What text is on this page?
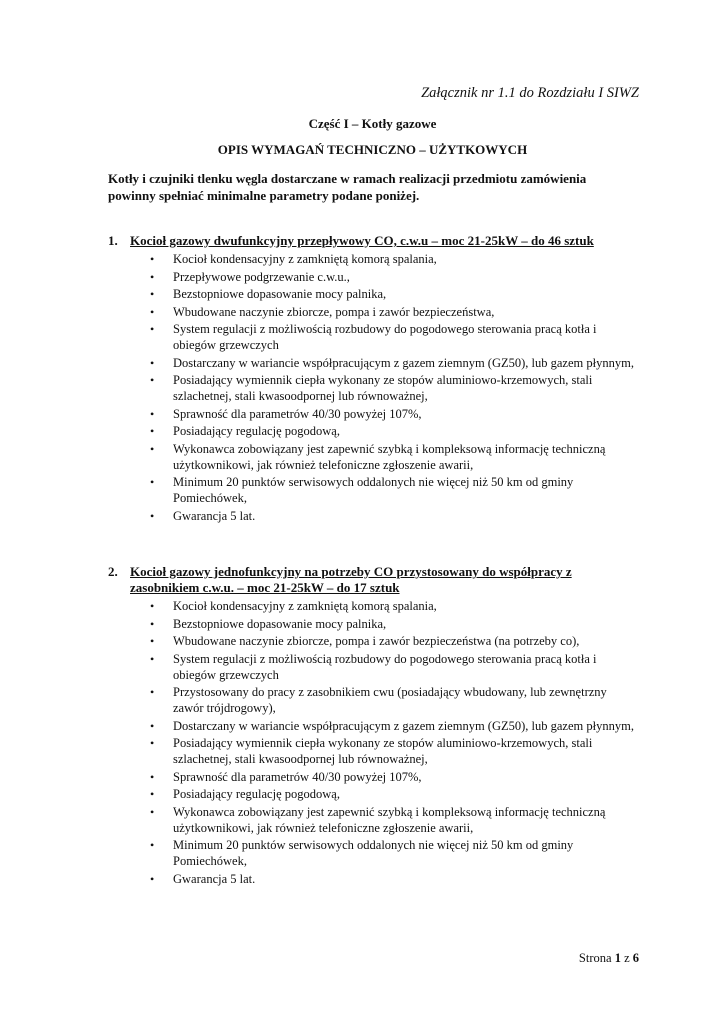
Załącznik nr 1.1 do Rozdziału I SIWZ
Część I – Kotły gazowe
OPIS WYMAGAŃ TECHNICZNO – UŻYTKOWYCH
Kotły i czujniki tlenku węgla dostarczane w ramach realizacji przedmiotu zamówienia powinny spełniać minimalne parametry podane poniżej.
1. Kocioł gazowy dwufunkcyjny przepływowy CO, c.w.u – moc 21-25kW – do 46 sztuk
• Kocioł kondensacyjny z zamkniętą komorą spalania,
• Przepływowe podgrzewanie c.w.u.,
• Bezstopniowe dopasowanie mocy palnika,
• Wbudowane naczynie zbiorcze, pompa i zawór bezpieczeństwa,
• System regulacji z możliwością rozbudowy do pogodowego sterowania pracą kotła i obiegów grzewczych
• Dostarczany w wariancie współpracującym z gazem ziemnym (GZ50), lub gazem płynnym,
• Posiadający wymiennik ciepła wykonany ze stopów aluminiowo-krzemowych, stali szlachetnej, stali kwasoodpornej lub równoważnej,
• Sprawność dla parametrów 40/30 powyżej 107%,
• Posiadający regulację pogodową,
• Wykonawca zobowiązany jest zapewnić szybką i kompleksową informację techniczną użytkownikowi, jak również telefoniczne zgłoszenie awarii,
• Minimum 20 punktów serwisowych oddalonych nie więcej niż 50 km od gminy Pomiechówek,
• Gwarancja 5 lat.
2. Kocioł gazowy jednofunkcyjny na potrzeby CO przystosowany do współpracy z zasobnikiem c.w.u. – moc 21-25kW – do 17 sztuk
• Kocioł kondensacyjny z zamkniętą komorą spalania,
• Bezstopniowe dopasowanie mocy palnika,
• Wbudowane naczynie zbiorcze, pompa i zawór bezpieczeństwa (na potrzeby co),
• System regulacji z możliwością rozbudowy do pogodowego sterowania pracą kotła i obiegów grzewczych
• Przystosowany do pracy z zasobnikiem cwu (posiadający wbudowany, lub zewnętrzny zawór trójdrogowy),
• Dostarczany w wariancie współpracującym z gazem ziemnym (GZ50), lub gazem płynnym,
• Posiadający wymiennik ciepła wykonany ze stopów aluminiowo-krzemowych, stali szlachetnej, stali kwasoodpornej lub równoważnej,
• Sprawność dla parametrów 40/30 powyżej 107%,
• Posiadający regulację pogodową,
• Wykonawca zobowiązany jest zapewnić szybką i kompleksową informację techniczną użytkownikowi, jak również telefoniczne zgłoszenie awarii,
• Minimum 20 punktów serwisowych oddalonych nie więcej niż 50 km od gminy Pomiechówek,
• Gwarancja 5 lat.
Strona 1 z 6
